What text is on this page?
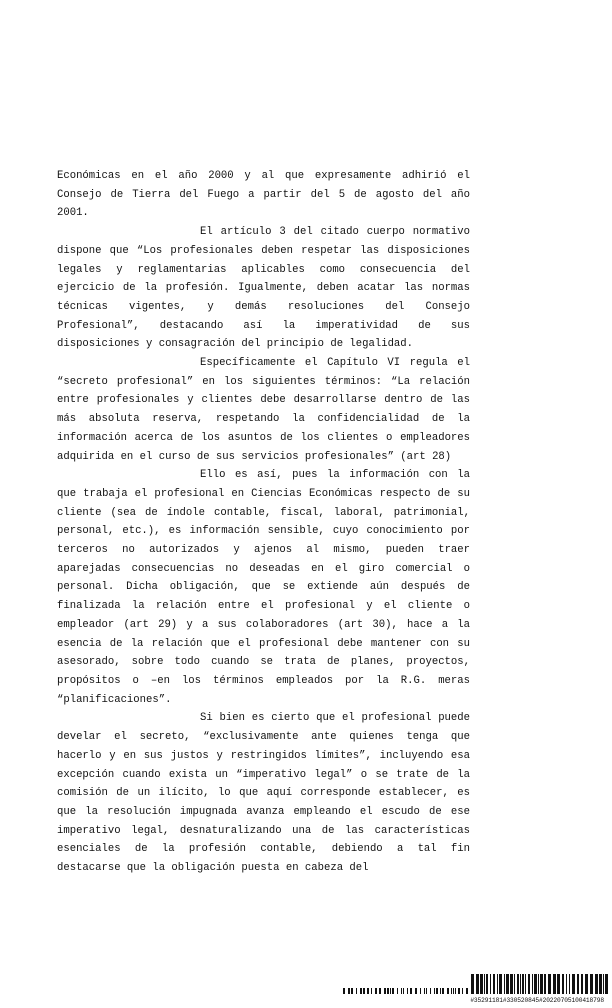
Económicas en el año 2000 y al que expresamente adhirió el Consejo de Tierra del Fuego a partir del 5 de agosto del año 2001.

El artículo 3 del citado cuerpo normativo dispone que “Los profesionales deben respetar las disposiciones legales y reglamentarias aplicables como consecuencia del ejercicio de la profesión. Igualmente, deben acatar las normas técnicas vigentes, y demás resoluciones del Consejo Profesional”, destacando así la imperatividad de sus disposiciones y consagración del principio de legalidad.

Específicamente el Capítulo VI regula el “secreto profesional” en los siguientes términos: “La relación entre profesionales y clientes debe desarrollarse dentro de las más absoluta reserva, respetando la confidencialidad de la información acerca de los asuntos de los clientes o empleadores adquirida en el curso de sus servicios profesionales” (art 28)

Ello es así, pues la información con la que trabaja el profesional en Ciencias Económicas respecto de su cliente (sea de índole contable, fiscal, laboral, patrimonial, personal, etc.), es información sensible, cuyo conocimiento por terceros no autorizados y ajenos al mismo, pueden traer aparejadas consecuencias no deseadas en el giro comercial o personal. Dicha obligación, que se extiende aún después de finalizada la relación entre el profesional y el cliente o empleador (art 29) y a sus colaboradores (art 30), hace a la esencia de la relación que el profesional debe mantener con su asesorado, sobre todo cuando se trata de planes, proyectos, propósitos o –en los términos empleados por la R.G. meras “planificaciones”.

Si bien es cierto que el profesional puede develar el secreto, “exclusivamente ante quienes tenga que hacerlo y en sus justos y restringidos límites”, incluyendo esa excepción cuando exista un “imperativo legal” o se trate de la comisión de un ilícito, lo que aquí corresponde establecer, es que la resolución impugnada avanza empleando el escudo de ese imperativo legal, desnaturalizando una de las características esenciales de la profesión contable, debiendo a tal fin destacarse que la obligación puesta en cabeza del

#35291181#330520845#20220705100418798
